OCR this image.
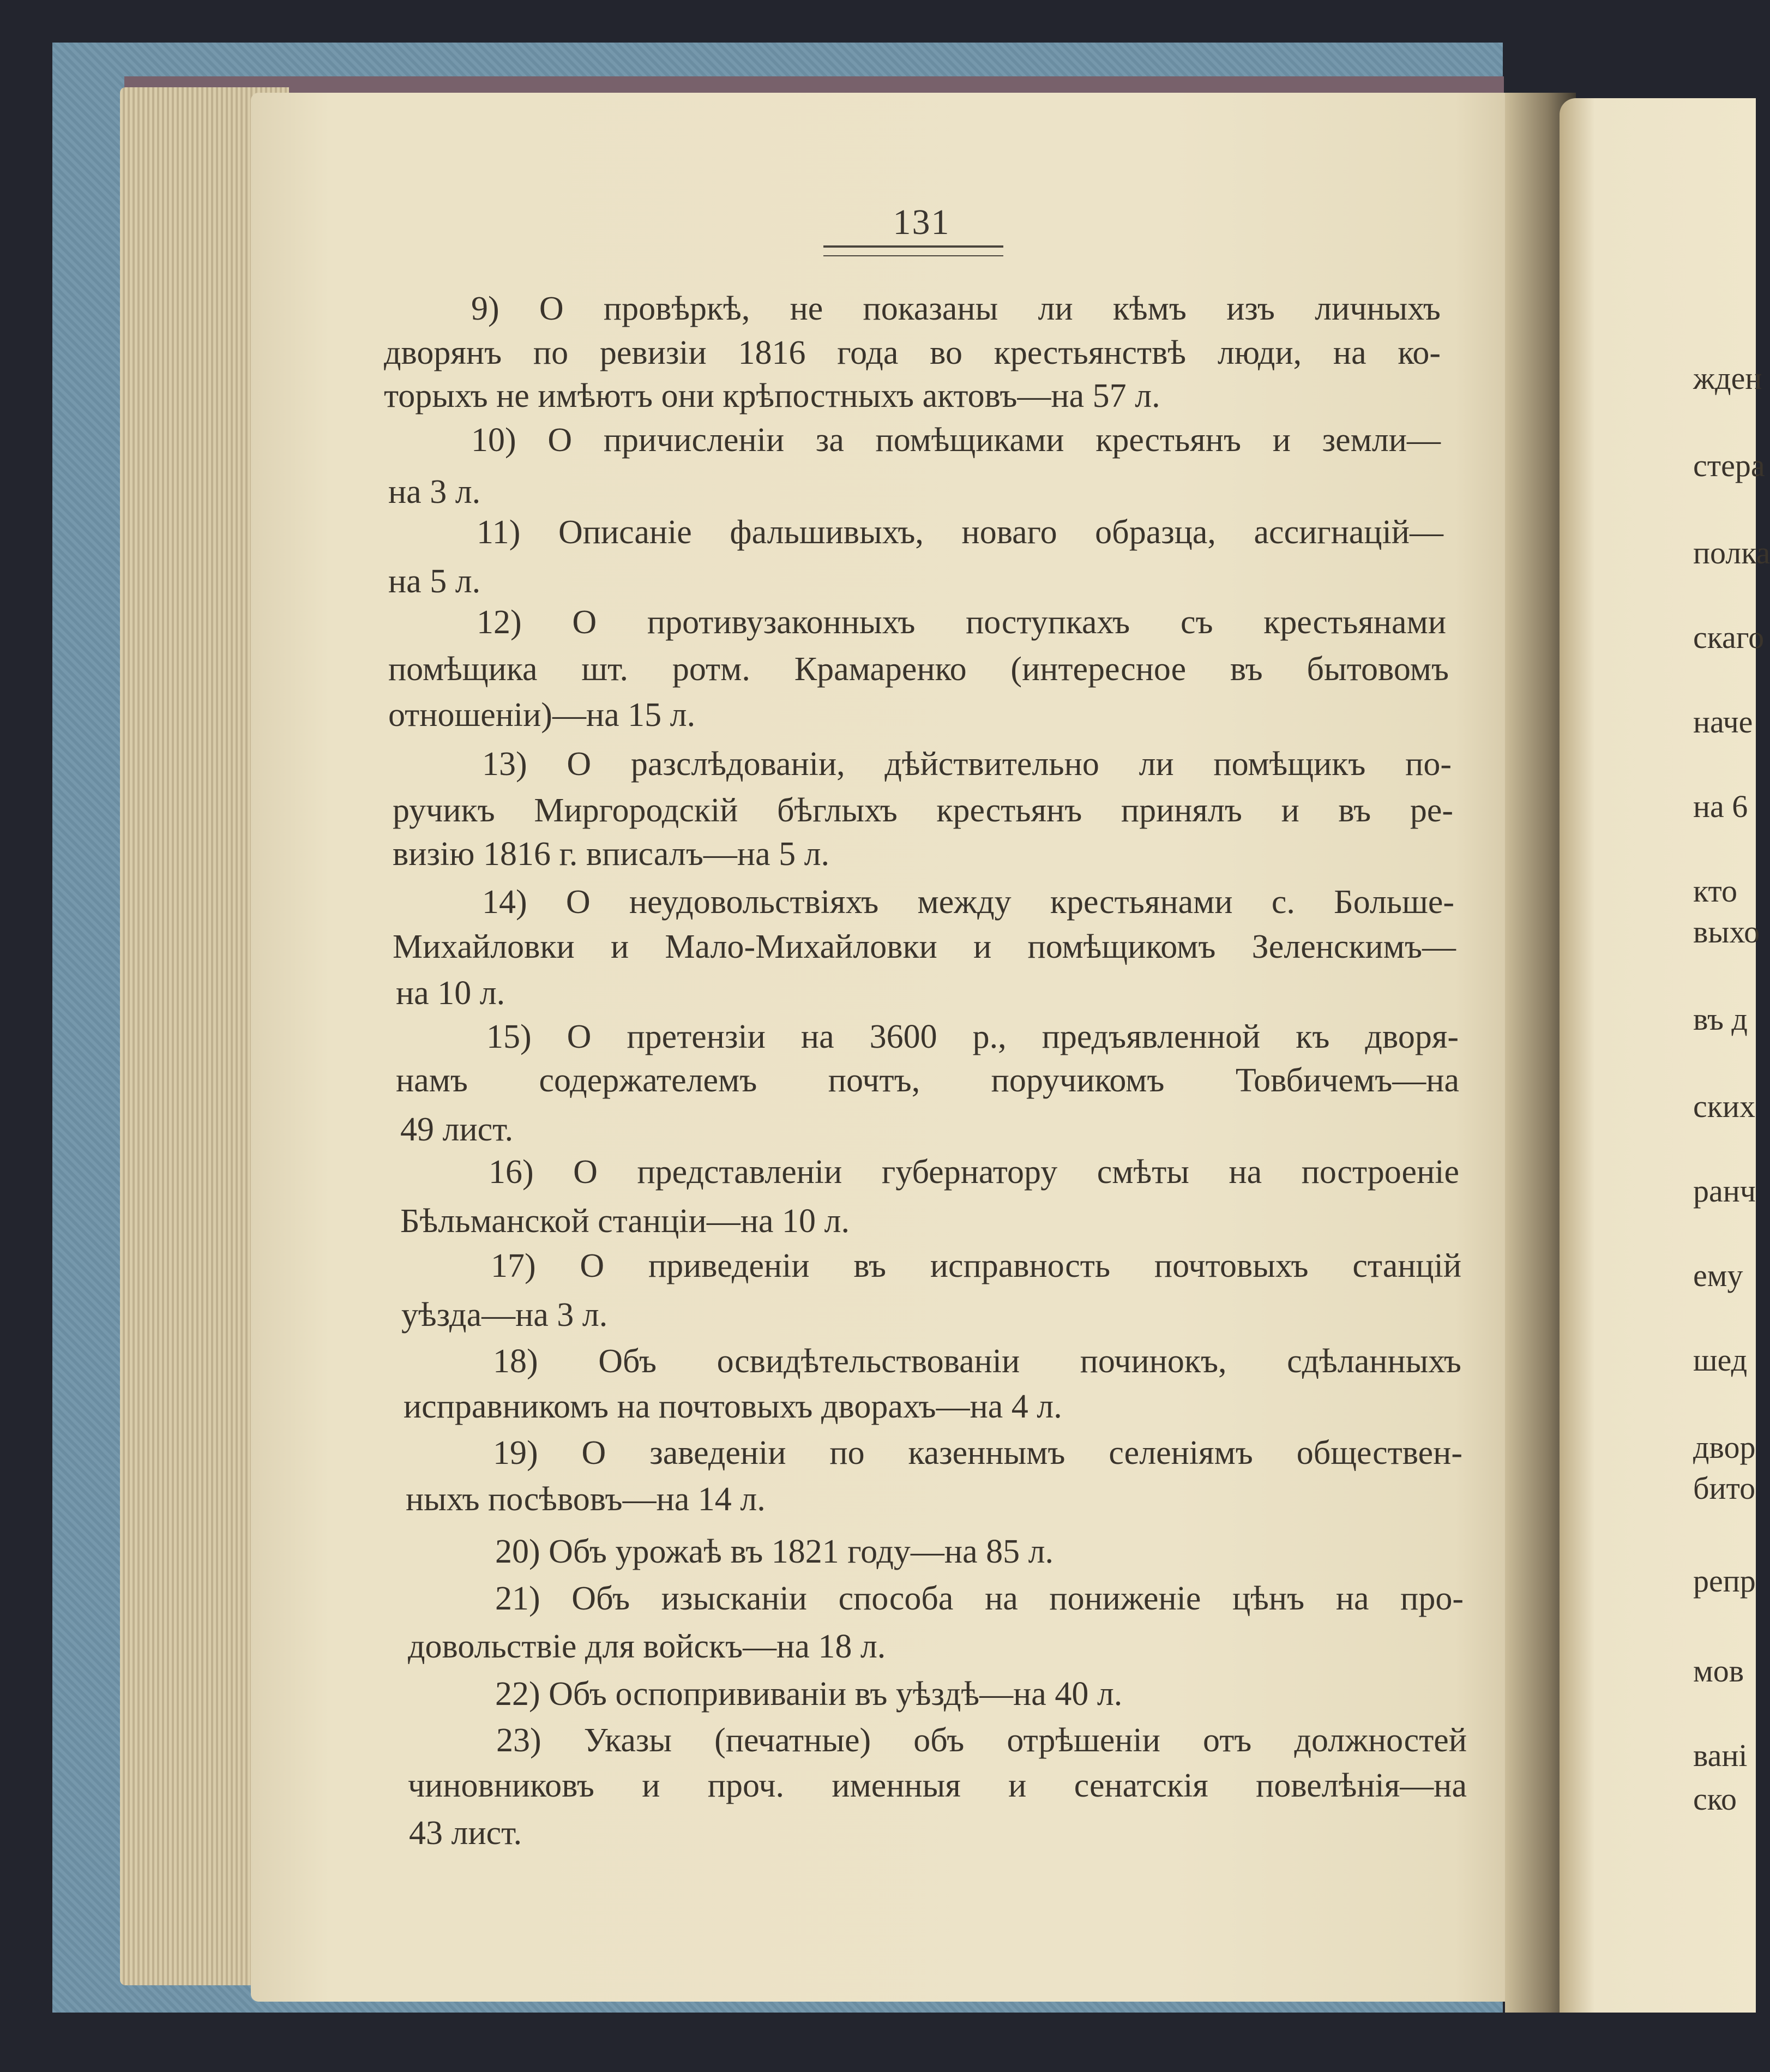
131

9) О провѣркѣ, не показаны ли кѣмъ изъ личныхъ

дворянъ по ревизіи 1816 года во крестьянствѣ люди, на ко-

торыхъ не имѣютъ они крѣпостныхъ актовъ—на 57 л.

10) О причисленіи за помѣщиками крестьянъ и земли—

на 3 л.

11) Описаніе фальшивыхъ, новаго образца, ассигнацій—

на 5 л.

12) О противузаконныхъ поступкахъ съ крестьянами

помѣщика шт. ротм. Крамаренко (интересное въ бытовомъ

отношеніи)—на 15 л.

13) О разслѣдованіи, дѣйствительно ли помѣщикъ по-

ручикъ Миргородскій бѣглыхъ крестьянъ принялъ и въ ре-

визію 1816 г. вписалъ—на 5 л.

14) О неудовольствіяхъ между крестьянами с. Больше-

Михайловки и Мало-Михайловки и помѣщикомъ Зеленскимъ—

на 10 л.

15) О претензіи на 3600 р., предъявленной къ дворя-

намъ содержателемъ почтъ, поручикомъ Товбичемъ—на

49 лист.

16) О представленіи губернатору смѣты на построеніе

Бѣльманской станціи—на 10 л.

17) О приведеніи въ исправность почтовыхъ станцій

уѣзда—на 3 л.

18) Объ освидѣтельствованіи починокъ, сдѣланныхъ

исправникомъ на почтовыхъ дворахъ—на 4 л.

19) О заведеніи по казеннымъ селеніямъ обществен-

ныхъ посѣвовъ—на 14 л.

20) Объ урожаѣ въ 1821 году—на 85 л.

21) Объ изысканіи способа на пониженіе цѣнъ на про-

довольствіе для войскъ—на 18 л.

22) Объ оспопрививаніи въ уѣздѣ—на 40 л.

23) Указы (печатные) объ отрѣшеніи отъ должностей

чиновниковъ и проч. именныя и сенатскія повелѣнія—на

43 лист.

жден
стера
полка
скаго
наче
на 6
кто
выхо
въ д
ских
ранч
ему
шед
двор
бито
репр
мов
вані
ско
